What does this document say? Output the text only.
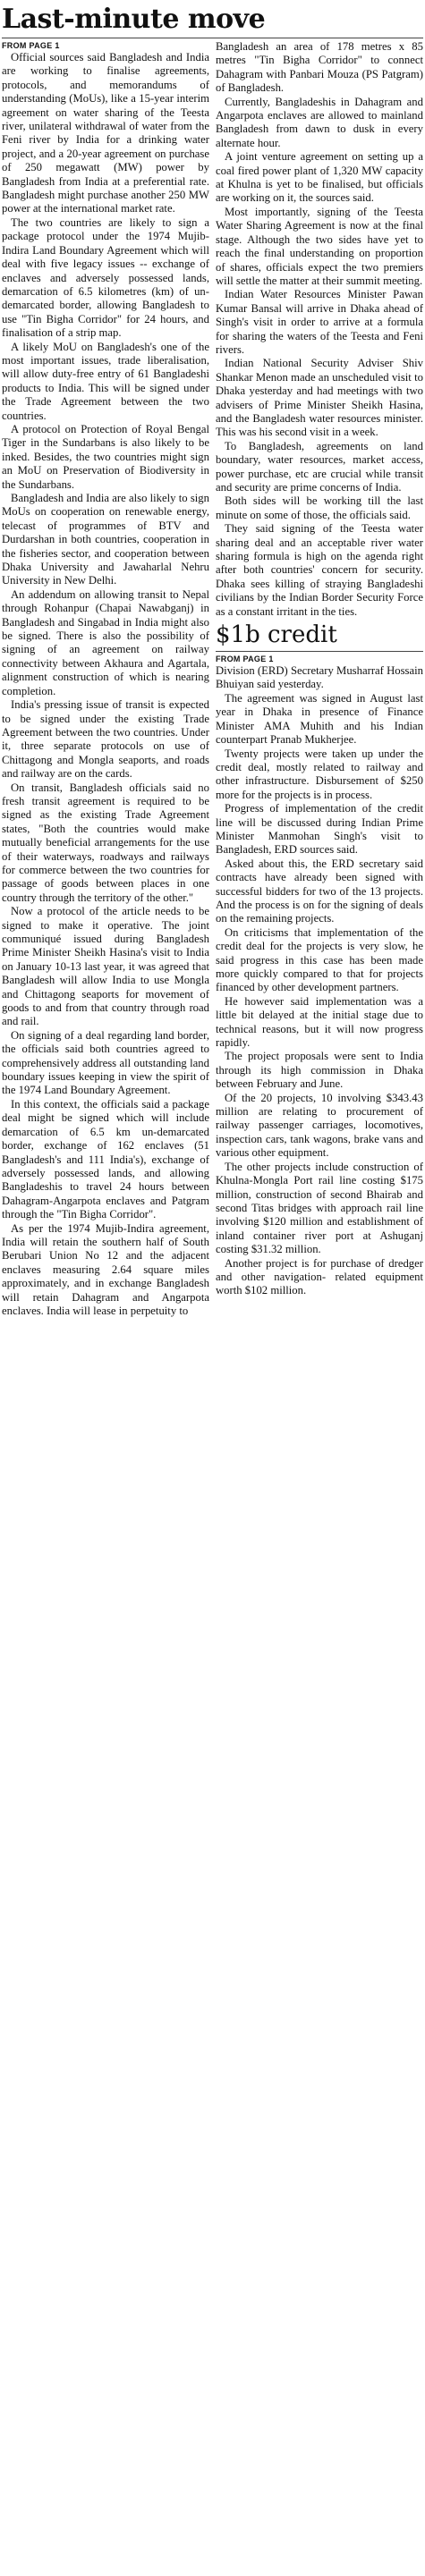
Last-minute move
FROM PAGE 1

Official sources said Bangladesh and India are working to finalise agreements, protocols, and memorandums of understanding (MoUs), like a 15-year interim agreement on water sharing of the Teesta river, unilateral withdrawal of water from the Feni river by India for a drinking water project, and a 20-year agreement on purchase of 250 megawatt (MW) power by Bangladesh from India at a preferential rate. Bangladesh might purchase another 250 MW power at the international market rate.

The two countries are likely to sign a package protocol under the 1974 Mujib-Indira Land Boundary Agreement which will deal with five legacy issues -- exchange of enclaves and adversely possessed lands, demarcation of 6.5 kilometres (km) of un-demarcated border, allowing Bangladesh to use "Tin Bigha Corridor" for 24 hours, and finalisation of a strip map.

A likely MoU on Bangladesh's one of the most important issues, trade liberalisation, will allow duty-free entry of 61 Bangladeshi products to India. This will be signed under the Trade Agreement between the two countries.

A protocol on Protection of Royal Bengal Tiger in the Sundarbans is also likely to be inked. Besides, the two countries might sign an MoU on Preservation of Biodiversity in the Sundarbans.

Bangladesh and India are also likely to sign MoUs on cooperation on renewable energy, telecast of programmes of BTV and Durdarshan in both countries, cooperation in the fisheries sector, and cooperation between Dhaka University and Jawaharlal Nehru University in New Delhi.

An addendum on allowing transit to Nepal through Rohanpur (Chapai Nawabganj) in Bangladesh and Singabad in India might also be signed. There is also the possibility of signing of an agreement on railway connectivity between Akhaura and Agartala, alignment construction of which is nearing completion.

India's pressing issue of transit is expected to be signed under the existing Trade Agreement between the two countries. Under it, three separate protocols on use of Chittagong and Mongla seaports, and roads and railway are on the cards.

On transit, Bangladesh officials said no fresh transit agreement is required to be signed as the existing Trade Agreement states, "Both the countries would make mutually beneficial arrangements for the use of their waterways, roadways and railways for commerce between the two countries for passage of goods between places in one country through the territory of the other."

Now a protocol of the article needs to be signed to make it operative. The joint communiqué issued during Bangladesh Prime Minister Sheikh Hasina's visit to India on January 10-13 last year, it was agreed that Bangladesh will allow India to use Mongla and Chittagong seaports for movement of goods to and from that country through road and rail.

On signing of a deal regarding land border, the officials said both countries agreed to comprehensively address all outstanding land boundary issues keeping in view the spirit of the 1974 Land Boundary Agreement.

In this context, the officials said a package deal might be signed which will include demarcation of 6.5 km un-demarcated border, exchange of 162 enclaves (51 Bangladesh's and 111 India's), exchange of adversely possessed lands, and allowing Bangladeshis to travel 24 hours between Dahagram-Angarpota enclaves and Patgram through the "Tin Bigha Corridor".

As per the 1974 Mujib-Indira agreement, India will retain the southern half of South Berubari Union No 12 and the adjacent enclaves measuring 2.64 square miles approximately, and in exchange Bangladesh will retain Dahagram and Angarpota enclaves. India will lease in perpetuity to

Bangladesh an area of 178 metres x 85 metres "Tin Bigha Corridor" to connect Dahagram with Panbari Mouza (PS Patgram) of Bangladesh.

Currently, Bangladeshis in Dahagram and Angarpota enclaves are allowed to mainland Bangladesh from dawn to dusk in every alternate hour.

A joint venture agreement on setting up a coal fired power plant of 1,320 MW capacity at Khulna is yet to be finalised, but officials are working on it, the sources said.

Most importantly, signing of the Teesta Water Sharing Agreement is now at the final stage. Although the two sides have yet to reach the final understanding on proportion of shares, officials expect the two premiers will settle the matter at their summit meeting.

Indian Water Resources Minister Pawan Kumar Bansal will arrive in Dhaka ahead of Singh's visit in order to arrive at a formula for sharing the waters of the Teesta and Feni rivers.

Indian National Security Adviser Shiv Shankar Menon made an unscheduled visit to Dhaka yesterday and had meetings with two advisers of Prime Minister Sheikh Hasina, and the Bangladesh water resources minister. This was his second visit in a week.

To Bangladesh, agreements on land boundary, water resources, market access, power purchase, etc are crucial while transit and security are prime concerns of India.

Both sides will be working till the last minute on some of those, the officials said.

They said signing of the Teesta water sharing deal and an acceptable river water sharing formula is high on the agenda right after both countries' concern for security. Dhaka sees killing of straying Bangladeshi civilians by the Indian Border Security Force as a constant irritant in the ties.

$1b credit
FROM PAGE 1

Division (ERD) Secretary Musharraf Hossain Bhuiyan said yesterday.

The agreement was signed in August last year in Dhaka in presence of Finance Minister AMA Muhith and his Indian counterpart Pranab Mukherjee.

Twenty projects were taken up under the credit deal, mostly related to railway and other infrastructure. Disbursement of $250 more for the projects is in process.

Progress of implementation of the credit line will be discussed during Indian Prime Minister Manmohan Singh's visit to Bangladesh, ERD sources said.

Asked about this, the ERD secretary said contracts have already been signed with successful bidders for two of the 13 projects. And the process is on for the signing of deals on the remaining projects.

On criticisms that implementation of the credit deal for the projects is very slow, he said progress in this case has been made more quickly compared to that for projects financed by other development partners.

He however said implementation was a little bit delayed at the initial stage due to technical reasons, but it will now progress rapidly.

The project proposals were sent to India through its high commission in Dhaka between February and June.

Of the 20 projects, 10 involving $343.43 million are relating to procurement of railway passenger carriages, locomotives, inspection cars, tank wagons, brake vans and various other equipment.

The other projects include construction of Khulna-Mongla Port rail line costing $175 million, construction of second Bhairab and second Titas bridges with approach rail line involving $120 million and establishment of inland container river port at Ashuganj costing $31.32 million.

Another project is for purchase of dredger and other navigation- related equipment worth $102 million.
